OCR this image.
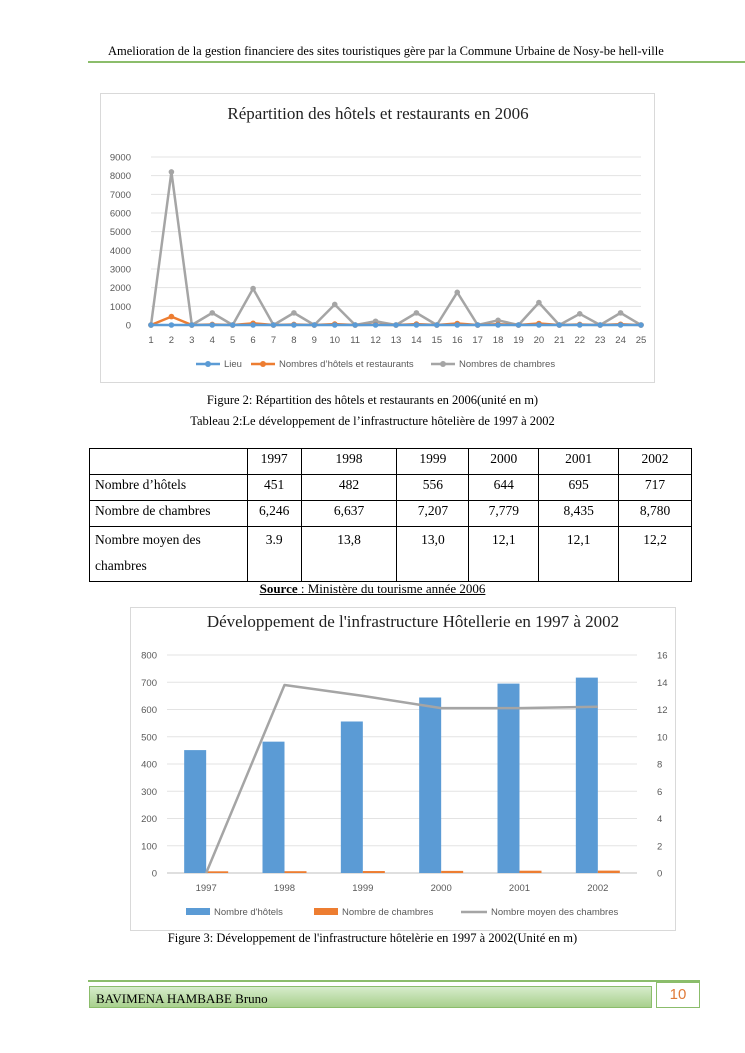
Amelioration de la gestion financiere des sites touristiques gère par la Commune Urbaine de Nosy-be hell-ville
Répartition des hôtels et restaurants en 2006
0
1000
2000
3000
4000
5000
6000
7000
8000
9000
1 2 3 4 5 6 7 8 9 10 11 12 13 14 15 16 17 18 19 20 21 22 23 24 25
Lieu	Nombres d’hôtels et restaurants	Nombres de chambres
Figure 2: Répartition des hôtels et restaurants en 2006(unité en m)
Tableau 2:Le développement de l’infrastructure hôtelière de 1997 à 2002
	1997	1998	1999	2000	2001	2002
Nombre d’hôtels	451	482	556	644	695	717
Nombre de chambres	6,246	6,637	7,207	7,779	8,435	8,780
Nombre moyen des
chambres	3.9	13,8	13,0	12,1	12,1	12,2
Source : Ministère du tourisme année 2006
Développement de l'infrastructure Hôtellerie en 1997 à 2002
0
100
200
300
400
500
600
700
800
0
2
4
6
8
10
12
14
16
1997	1998	1999	2000	2001	2002
Nombre d'hôtels	Nombre de chambres	Nombre moyen des chambres
Figure 3: Développement de l'infrastructure hôtelèrie en 1997 à 2002(Unité en m)
BAVIMENA HAMBABE Bruno	10
